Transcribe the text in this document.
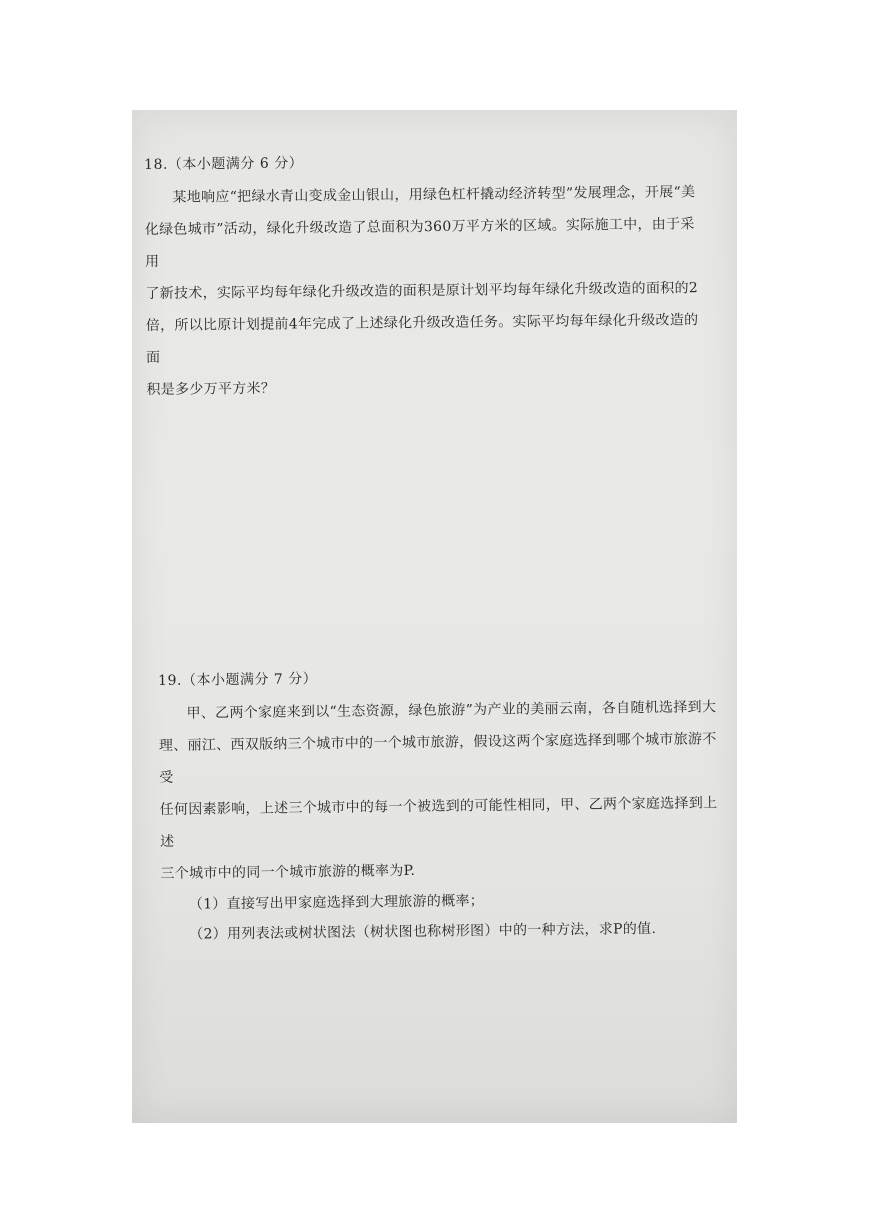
18.（本小题满分 6 分）
某地响应“把绿水青山变成金山银山，用绿色杠杆撬动经济转型”发展理念，开展“美
化绿色城市”活动，绿化升级改造了总面积为360万平方米的区域。实际施工中，由于采用
了新技术，实际平均每年绿化升级改造的面积是原计划平均每年绿化升级改造的面积的2
倍，所以比原计划提前4年完成了上述绿化升级改造任务。实际平均每年绿化升级改造的面
积是多少万平方米？
19.（本小题满分 7 分）
甲、乙两个家庭来到以“生态资源，绿色旅游”为产业的美丽云南，各自随机选择到大
理、丽江、西双版纳三个城市中的一个城市旅游，假设这两个家庭选择到哪个城市旅游不受
任何因素影响，上述三个城市中的每一个被选到的可能性相同，甲、乙两个家庭选择到上述
三个城市中的同一个城市旅游的概率为P.
（1）直接写出甲家庭选择到大理旅游的概率；
（2）用列表法或树状图法（树状图也称树形图）中的一种方法，求P的值.
